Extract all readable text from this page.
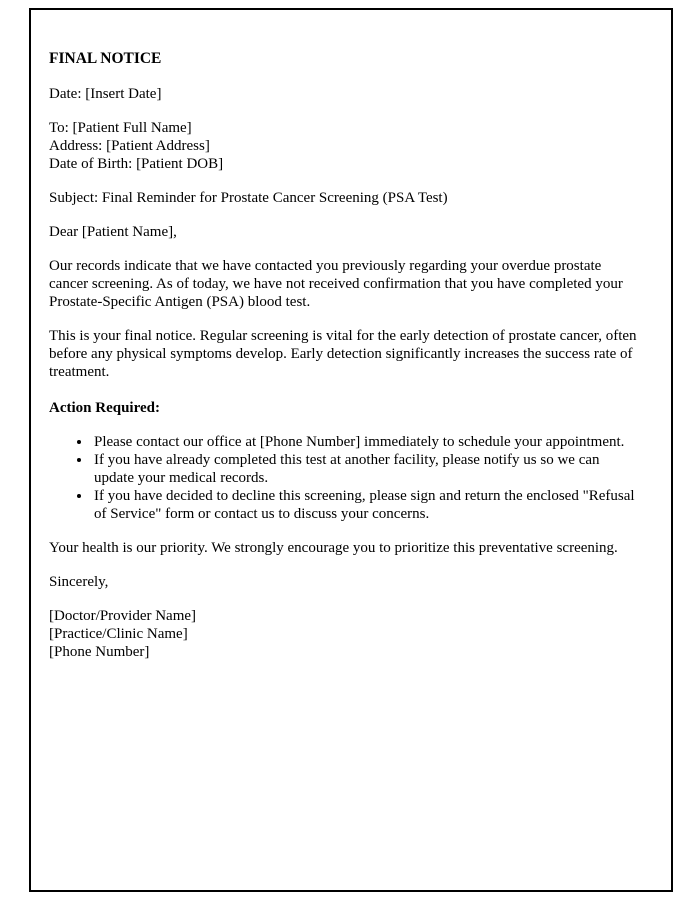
FINAL NOTICE

Date: [Insert Date]

To: [Patient Full Name]

Address: [Patient Address]

Date of Birth: [Patient DOB]

Subject: Final Reminder for Prostate Cancer Screening (PSA Test)

Dear [Patient Name],

Our records indicate that we have contacted you previously regarding your overdue prostate cancer screening. As of today, we have not received confirmation that you have completed your Prostate-Specific Antigen (PSA) blood test.

This is your final notice. Regular screening is vital for the early detection of prostate cancer, often before any physical symptoms develop. Early detection significantly increases the success rate of treatment.

Action Required:

• Please contact our office at [Phone Number] immediately to schedule your appointment.
• If you have already completed this test at another facility, please notify us so we can update your medical records.
• If you have decided to decline this screening, please sign and return the enclosed "Refusal of Service" form or contact us to discuss your concerns.

Your health is our priority. We strongly encourage you to prioritize this preventative screening.

Sincerely,

[Doctor/Provider Name]

[Practice/Clinic Name]

[Phone Number]
